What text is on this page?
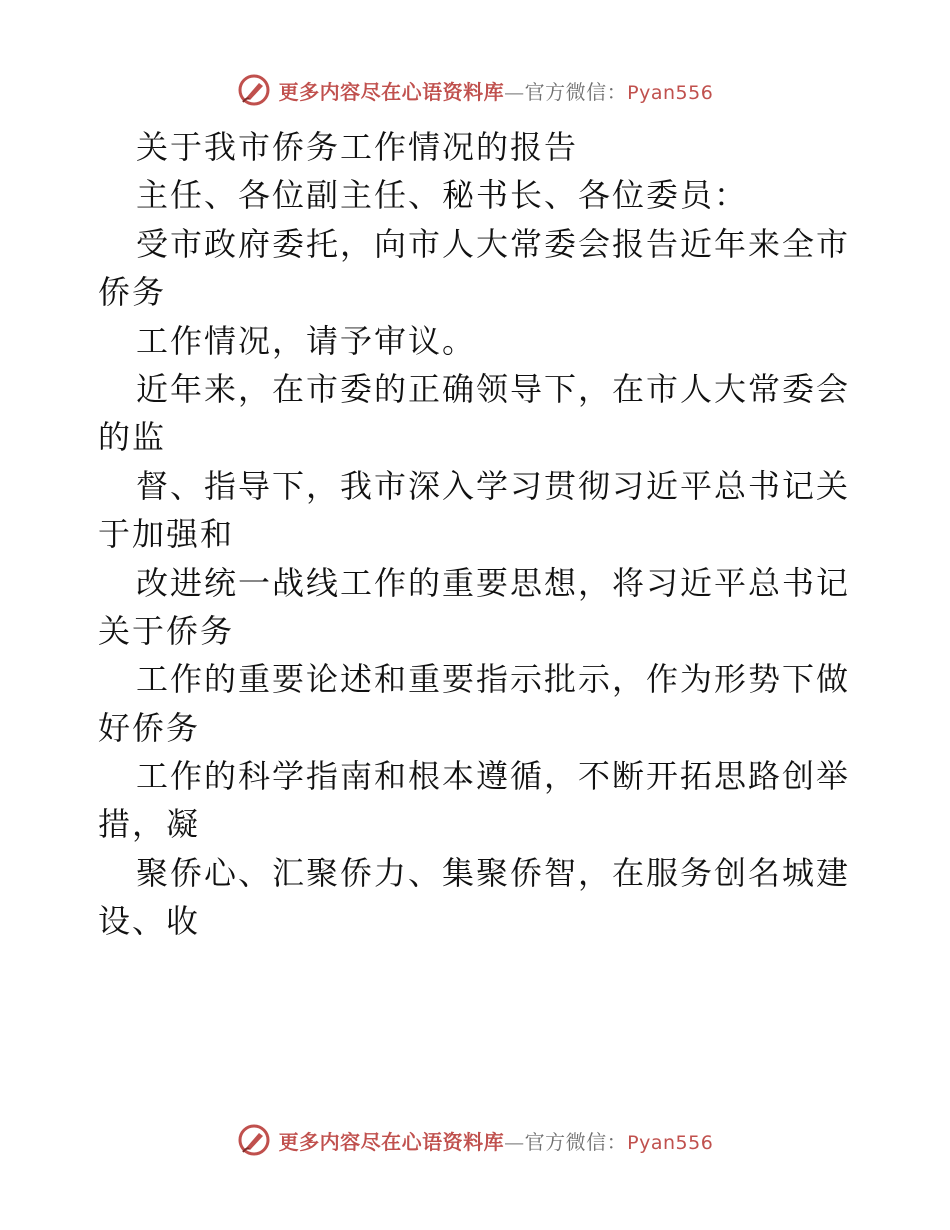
更多内容尽在心语资料库—官方微信：Pyan556
关于我市侨务工作情况的报告
主任、各位副主任、秘书长、各位委员：
受市政府委托，向市人大常委会报告近年来全市
侨务
工作情况，请予审议。
近年来，在市委的正确领导下，在市人大常委会
的监
督、指导下，我市深入学习贯彻习近平总书记关
于加强和
改进统一战线工作的重要思想，将习近平总书记
关于侨务
工作的重要论述和重要指示批示，作为形势下做
好侨务
工作的科学指南和根本遵循，不断开拓思路创举
措，凝
聚侨心、汇聚侨力、集聚侨智，在服务创名城建
设、收
更多内容尽在心语资料库—官方微信：Pyan556
